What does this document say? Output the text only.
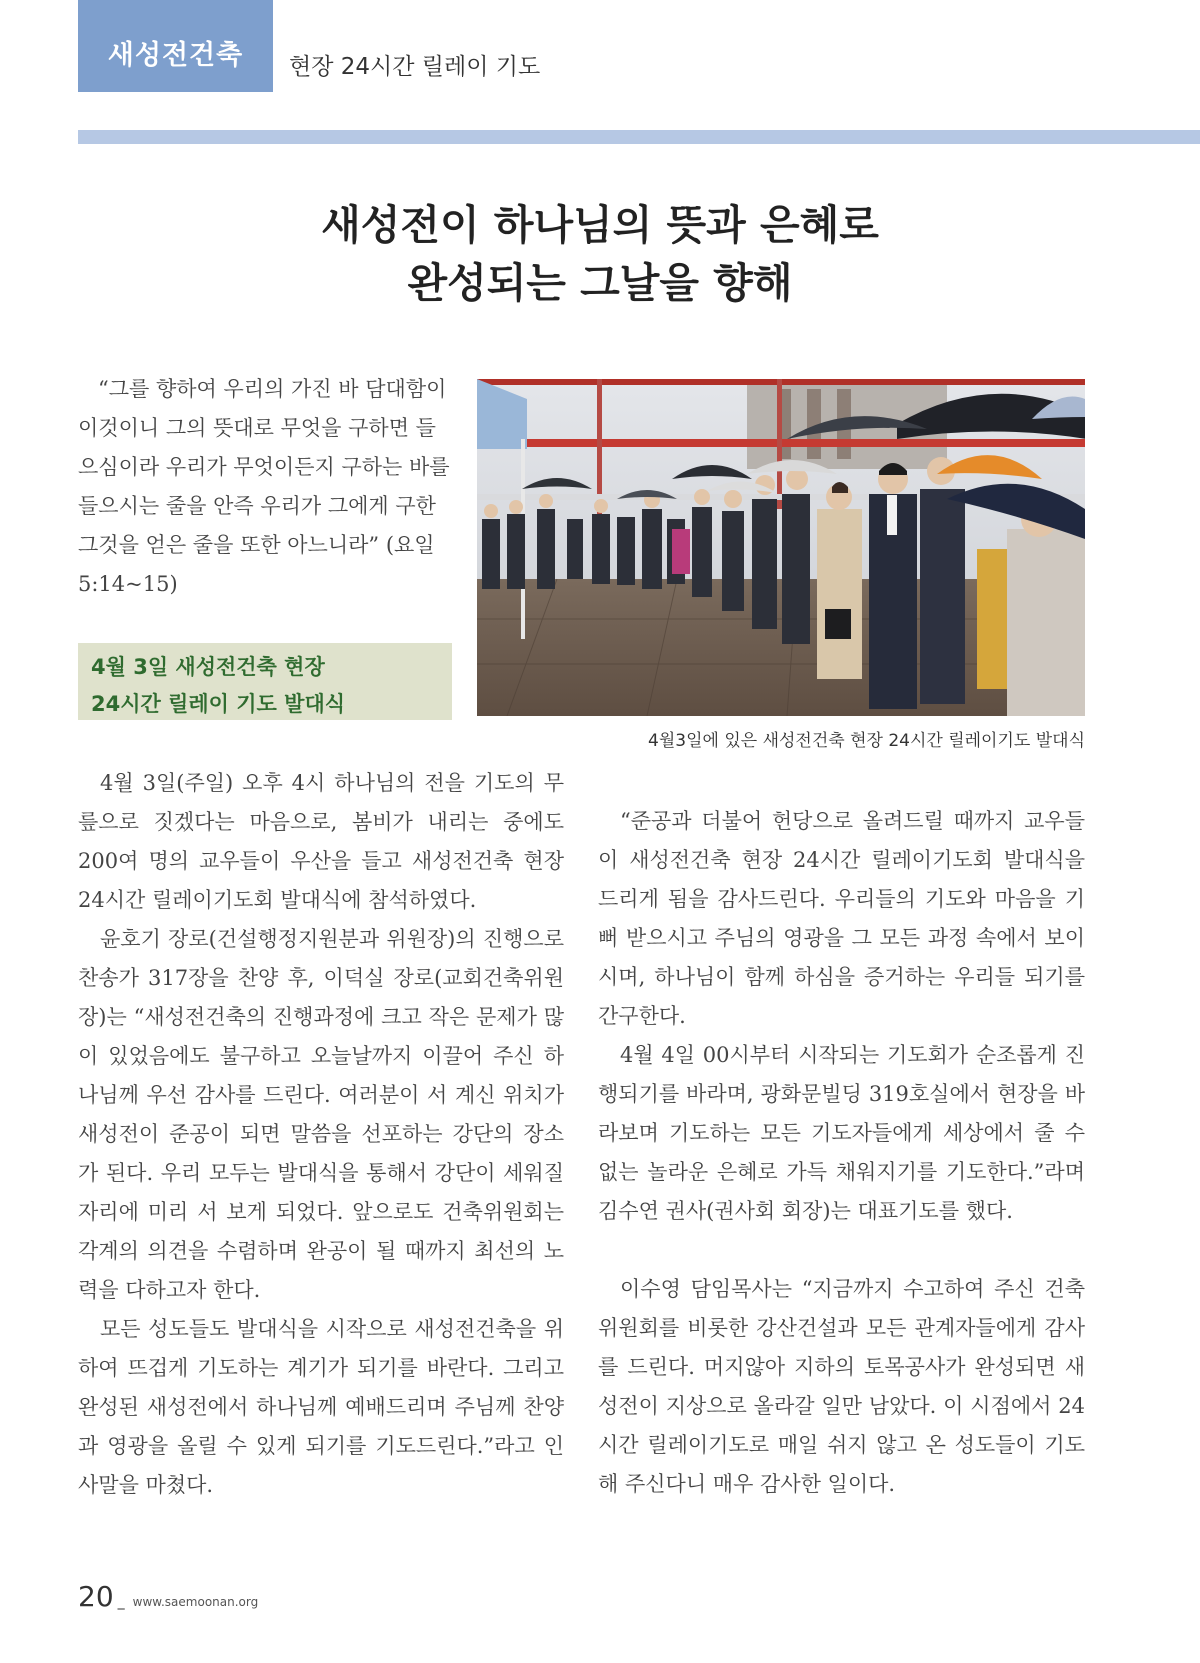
새성전건축	현장 24시간 릴레이 기도
새성전이 하나님의 뜻과 은혜로
완성되는 그날을 향해

“그를 향하여 우리의 가진 바 담대함이 이것이니 그의 뜻대로 무엇을 구하면 들으심이라 우리가 무엇이든지 구하는 바를 들으시는 줄을 안즉 우리가 그에게 구한 그것을 얻은 줄을 또한 아느니라” (요일 5:14~15)

4월 3일 새성전건축 현장
24시간 릴레이 기도 발대식
4월3일에 있은 새성전건축 현장 24시간 릴레이기도 발대식

4월 3일(주일) 오후 4시 하나님의 전을 기도의 무릎으로 짓겠다는 마음으로, 봄비가 내리는 중에도 200여 명의 교우들이 우산을 들고 새성전건축 현장 24시간 릴레이기도회 발대식에 참석하였다.

윤호기 장로(건설행정지원분과 위원장)의 진행으로 찬송가 317장을 찬양 후, 이덕실 장로(교회건축위원장)는 “새성전건축의 진행과정에 크고 작은 문제가 많이 있었음에도 불구하고 오늘날까지 이끌어 주신 하나님께 우선 감사를 드린다. 여러분이 서 계신 위치가 새성전이 준공이 되면 말씀을 선포하는 강단의 장소가 된다. 우리 모두는 발대식을 통해서 강단이 세워질 자리에 미리 서 보게 되었다. 앞으로도 건축위원회는 각계의 의견을 수렴하며 완공이 될 때까지 최선의 노력을 다하고자 한다.

모든 성도들도 발대식을 시작으로 새성전건축을 위하여 뜨겁게 기도하는 계기가 되기를 바란다. 그리고 완성된 새성전에서 하나님께 예배드리며 주님께 찬양과 영광을 올릴 수 있게 되기를 기도드린다.”라고 인사말을 마쳤다.

“준공과 더불어 헌당으로 올려드릴 때까지 교우들이 새성전건축 현장 24시간 릴레이기도회 발대식을 드리게 됨을 감사드린다. 우리들의 기도와 마음을 기뻐 받으시고 주님의 영광을 그 모든 과정 속에서 보이시며, 하나님이 함께 하심을 증거하는 우리들 되기를 간구한다.

4월 4일 00시부터 시작되는 기도회가 순조롭게 진행되기를 바라며, 광화문빌딩 319호실에서 현장을 바라보며 기도하는 모든 기도자들에게 세상에서 줄 수 없는 놀라운 은혜로 가득 채워지기를 기도한다.”라며 김수연 권사(권사회 회장)는 대표기도를 했다.

이수영 담임목사는 “지금까지 수고하여 주신 건축위원회를 비롯한 강산건설과 모든 관계자들에게 감사를 드린다. 머지않아 지하의 토목공사가 완성되면 새성전이 지상으로 올라갈 일만 남았다. 이 시점에서 24시간 릴레이기도로 매일 쉬지 않고 온 성도들이 기도해 주신다니 매우 감사한 일이다.

20 _ www.saemoonan.org
